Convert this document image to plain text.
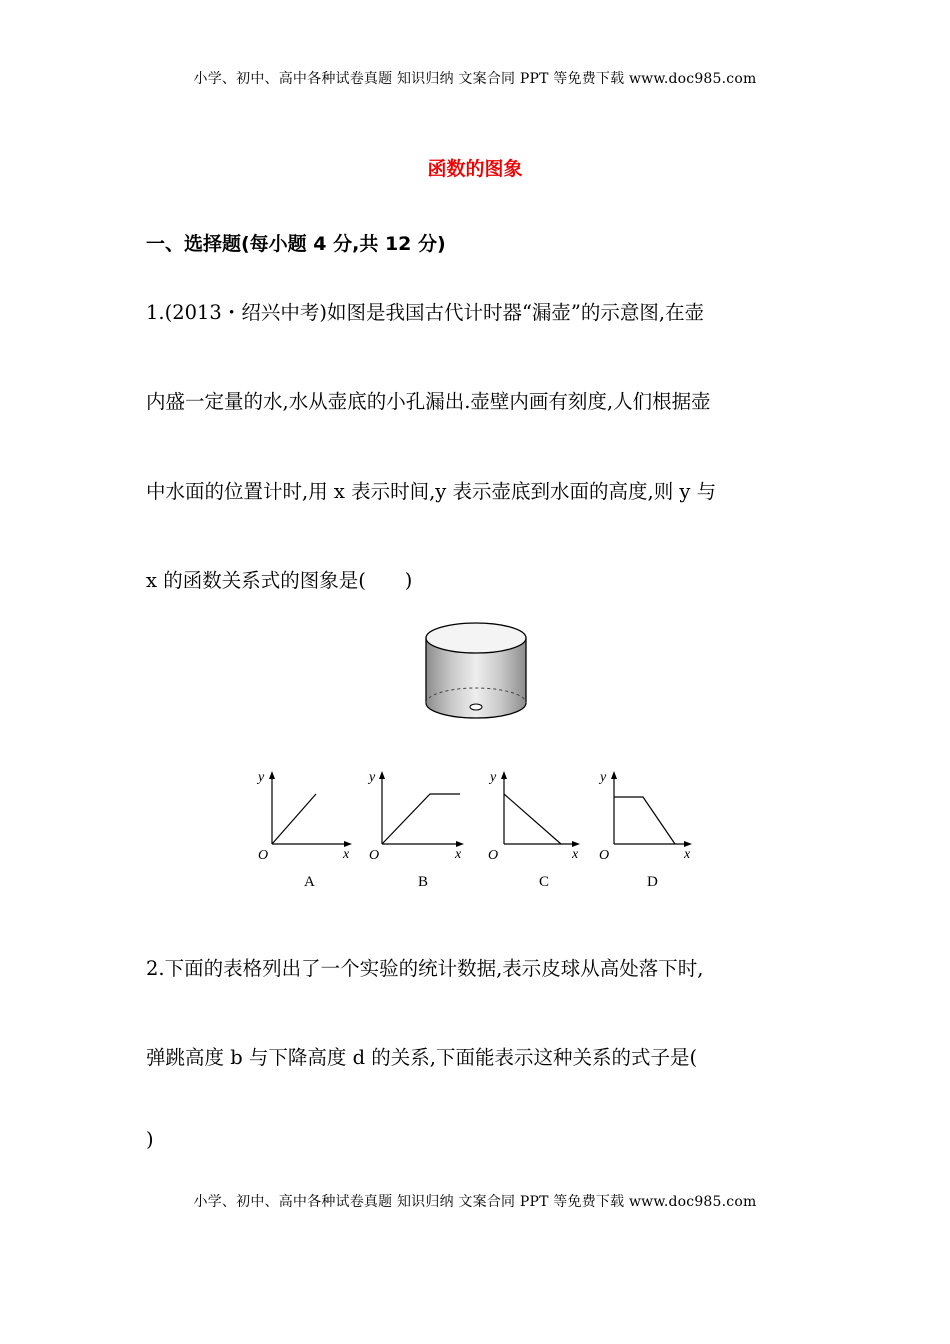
小学、初中、高中各种试卷真题 知识归纳 文案合同 PPT 等免费下载 www.doc985.com
函数的图象
一、选择题(每小题 4 分,共 12 分)
1.(2013・绍兴中考)如图是我国古代计时器“漏壶”的示意图,在壶
内盛一定量的水,水从壶底的小孔漏出.壶壁内画有刻度,人们根据壶
中水面的位置计时,用 x 表示时间,y 表示壶底到水面的高度,则 y 与
x 的函数关系式的图象是(　　)
y
x
O
A
y
x
O
B
y
x
O
C
y
x
O
D
2.下面的表格列出了一个实验的统计数据,表示皮球从高处落下时,
弹跳高度 b 与下降高度 d 的关系,下面能表示这种关系的式子是(
)
小学、初中、高中各种试卷真题 知识归纳 文案合同 PPT 等免费下载 www.doc985.com
